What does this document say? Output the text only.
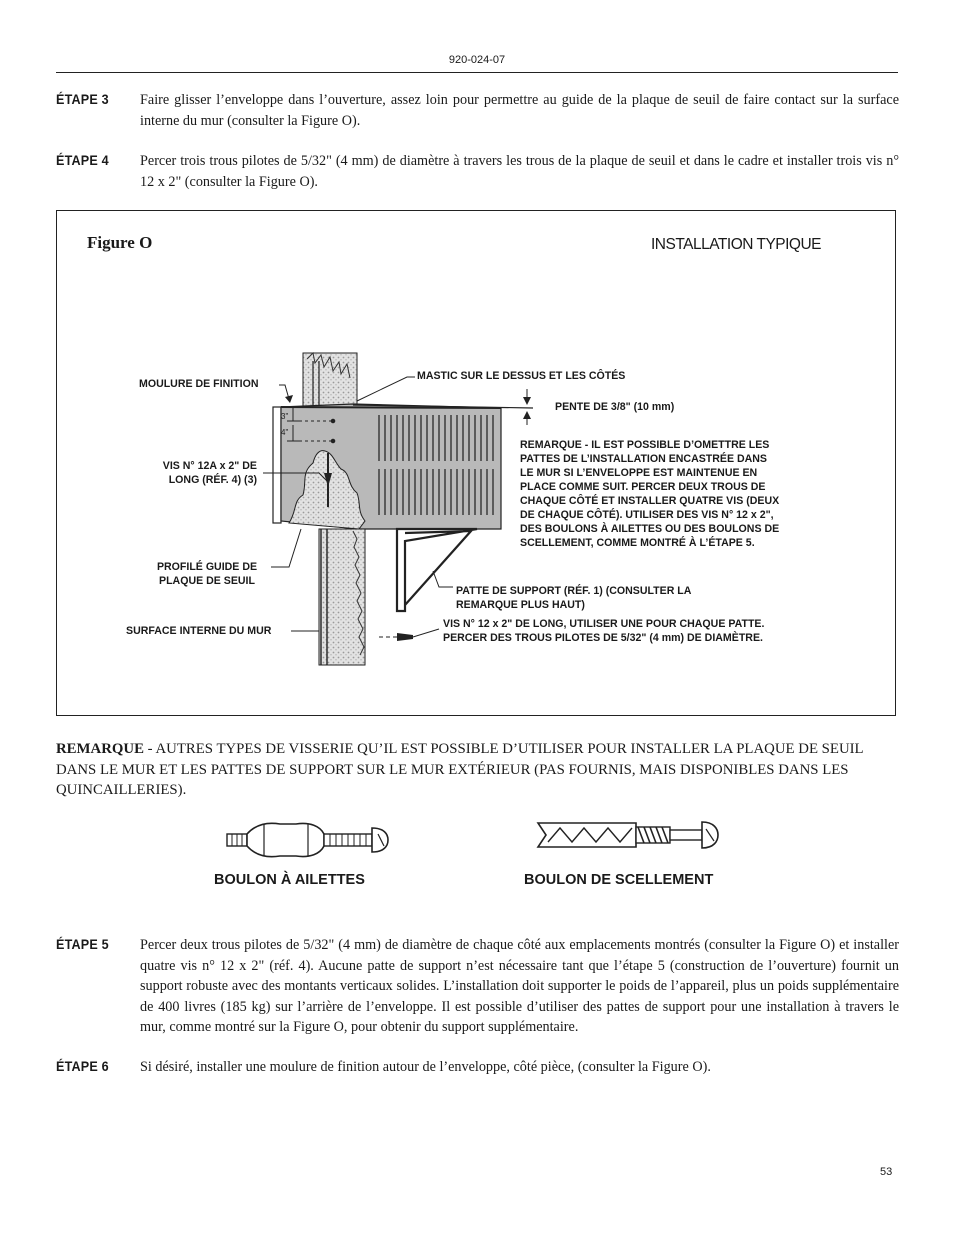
920-024-07
ÉTAPE 3 Faire glisser l’enveloppe dans l’ouverture, assez loin pour permettre au guide de la plaque de seuil de faire contact sur la surface interne du mur (consulter la Figure O).
ÉTAPE 4 Percer trois trous pilotes de 5/32" (4 mm) de diamètre à travers les trous de la plaque de seuil et dans le cadre et installer trois vis n° 12 x 2" (consulter la Figure O).
Figure O	INSTALLATION TYPIQUE
3"
4"
MOULURE DE FINITION
MASTIC SUR LE DESSUS ET LES CÔTÉS
PENTE DE 3/8" (10 mm)
REMARQUE - IL EST POSSIBLE D’OMETTRE LES
PATTES DE L’INSTALLATION ENCASTRÉE DANS
LE MUR SI L’ENVELOPPE EST MAINTENUE EN
PLACE COMME SUIT. PERCER DEUX TROUS DE
CHAQUE CÔTÉ ET INSTALLER QUATRE VIS (DEUX
DE CHAQUE CÔTÉ). UTILISER DES VIS N° 12 x 2",
DES BOULONS À AILETTES OU DES BOULONS DE
SCELLEMENT, COMME MONTRÉ À L’ÉTAPE 5.
VIS N° 12A x 2" DE
LONG (RÉF. 4) (3)
PROFILÉ GUIDE DE
PLAQUE DE SEUIL
PATTE DE SUPPORT (RÉF. 1) (CONSULTER LA
REMARQUE PLUS HAUT)
SURFACE INTERNE DU MUR
VIS N° 12 x 2" DE LONG, UTILISER UNE POUR CHAQUE PATTE.
PERCER DES TROUS PILOTES DE 5/32" (4 mm) DE DIAMÈTRE.
REMARQUE - AUTRES TYPES DE VISSERIE QU’IL EST POSSIBLE D’UTILISER POUR INSTALLER LA PLAQUE DE SEUIL DANS LE MUR ET LES PATTES DE SUPPORT SUR LE MUR EXTÉRIEUR (PAS FOURNIS, MAIS DISPONIBLES DANS LES QUINCAILLERIES).
BOULON À AILETTES	BOULON DE SCELLEMENT
ÉTAPE 5 Percer deux trous pilotes de 5/32" (4 mm) de diamètre de chaque côté aux emplacements montrés (consulter la Figure O) et installer quatre vis n° 12 x 2" (réf. 4). Aucune patte de support n’est nécessaire tant que l’étape 5 (construction de l’ouverture) fournit un support robuste avec des montants verticaux solides. L’installation doit supporter le poids de l’appareil, plus un poids supplémentaire de 400 livres (185 kg) sur l’arrière de l’enveloppe. Il est possible d’utiliser des pattes de support pour une installation à travers le mur, comme montré sur la Figure O, pour obtenir du support supplémentaire.
ÉTAPE 6 Si désiré, installer une moulure de finition autour de l’enveloppe, côté pièce, (consulter la Figure O).
53
